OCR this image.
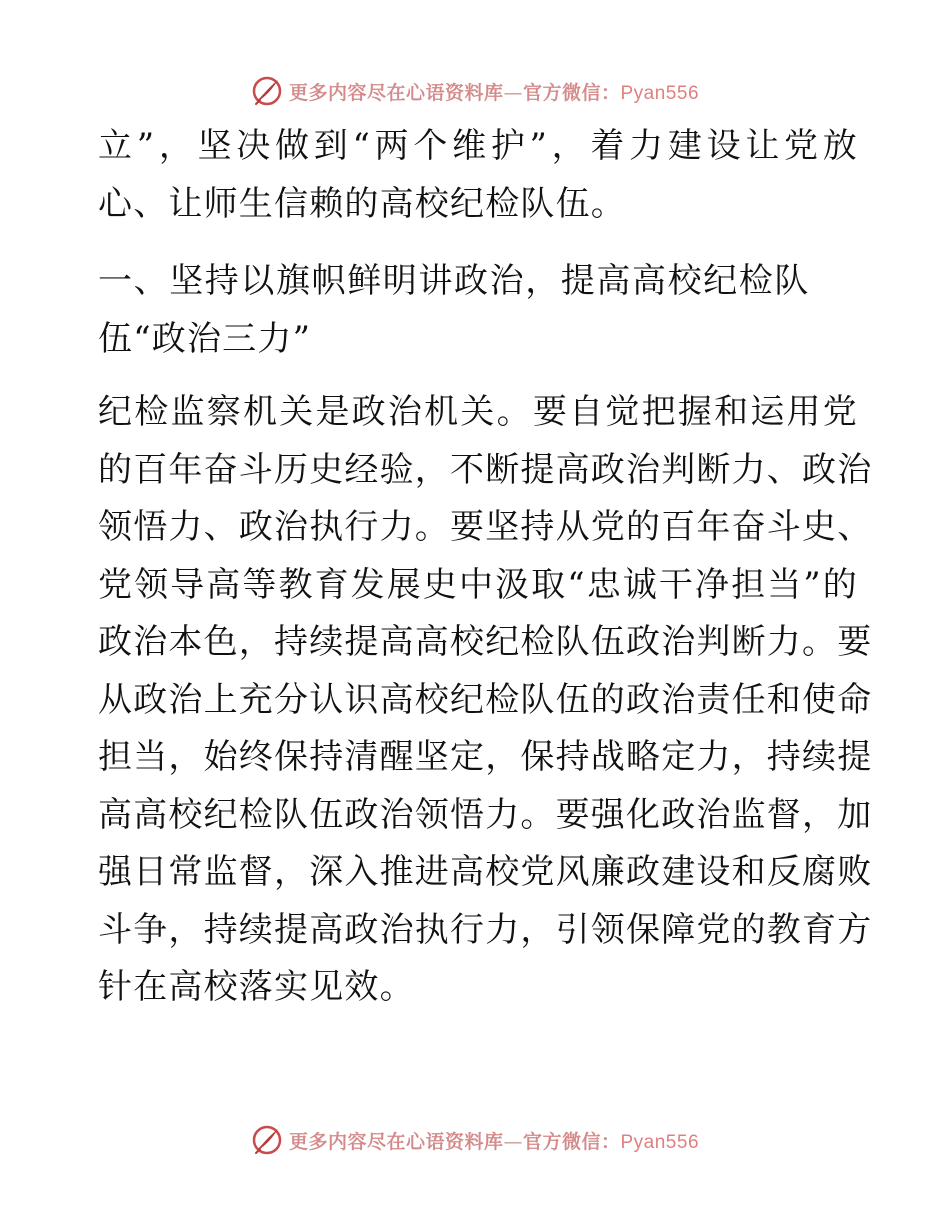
更多内容尽在心语资料库—官方微信：Pyan556
立”，坚决做到“两个维护”，着力建设让党放
心、让师生信赖的高校纪检队伍。
一、坚持以旗帜鲜明讲政治，提高高校纪检队
伍“政治三力”
纪检监察机关是政治机关。要自觉把握和运用党
的百年奋斗历史经验，不断提高政治判断力、政治
领悟力、政治执行力。要坚持从党的百年奋斗史、
党领导高等教育发展史中汲取“忠诚干净担当”的
政治本色，持续提高高校纪检队伍政治判断力。要
从政治上充分认识高校纪检队伍的政治责任和使命
担当，始终保持清醒坚定，保持战略定力，持续提
高高校纪检队伍政治领悟力。要强化政治监督，加
强日常监督，深入推进高校党风廉政建设和反腐败
斗争，持续提高政治执行力，引领保障党的教育方
针在高校落实见效。
更多内容尽在心语资料库—官方微信：Pyan556
